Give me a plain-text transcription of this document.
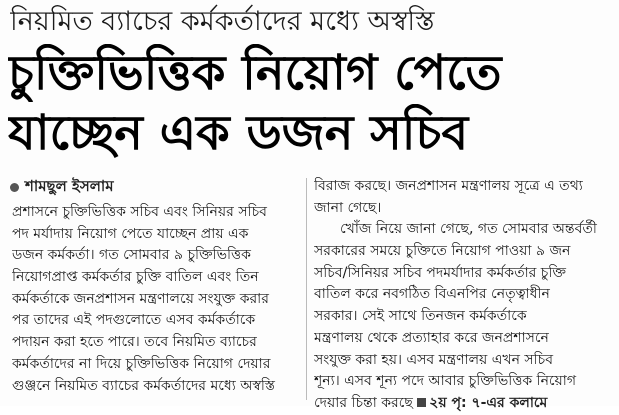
নিয়মিত ব্যাচের কর্মকর্তাদের মধ্যে অস্বস্তি
চুক্তিভিত্তিক নিয়োগ পেতে
যাচ্ছেন এক ডজন সচিব
শামছুল ইসলাম
প্রশাসনে চুক্তিভিত্তিক সচিব এবং সিনিয়র সচিব
পদ মর্যাদায় নিয়োগ পেতে যাচ্ছেন প্রায় এক
ডজন কর্মকর্তা। গত সোমবার ৯ চুক্তিভিত্তিক
নিয়োগপ্রাপ্ত কর্মকর্তার চুক্তি বাতিল এবং তিন
কর্মকর্তাকে জনপ্রশাসন মন্ত্রণালয়ে সংযুক্ত করার
পর তাদের এই পদগুলোতে এসব কর্মকর্তাকে
পদায়ন করা হতে পারে। তবে নিয়মিত ব্যাচের
কর্মকর্তাদের না দিয়ে চুক্তিভিত্তিক নিয়োগ দেয়ার
গুঞ্জনে নিয়মিত ব্যাচের কর্মকর্তাদের মধ্যে অস্বস্তি
বিরাজ করছে। জনপ্রশাসন মন্ত্রণালয় সূত্রে এ তথ্য
জানা গেছে।
খোঁজ নিয়ে জানা গেছে, গত সোমবার অন্তর্বর্তী
সরকারের সময়ে চুক্তিতে নিয়োগ পাওয়া ৯ জন
সচিব/সিনিয়র সচিব পদমর্যাদার কর্মকর্তার চুক্তি
বাতিল করে নবগঠিত বিএনপির নেতৃত্বাধীন
সরকার। সেই সাথে তিনজন কর্মকর্তাকে
মন্ত্রণালয় থেকে প্রত্যাহার করে জনপ্রশাসনে
সংযুক্ত করা হয়। এসব মন্ত্রণালয় এখন সচিব
শূন্য। এসব শূন্য পদে আবার চুক্তিভিত্তিক নিয়োগ
দেয়ার চিন্তা করছে ২য় পৃ: ৭-এর কলামে
